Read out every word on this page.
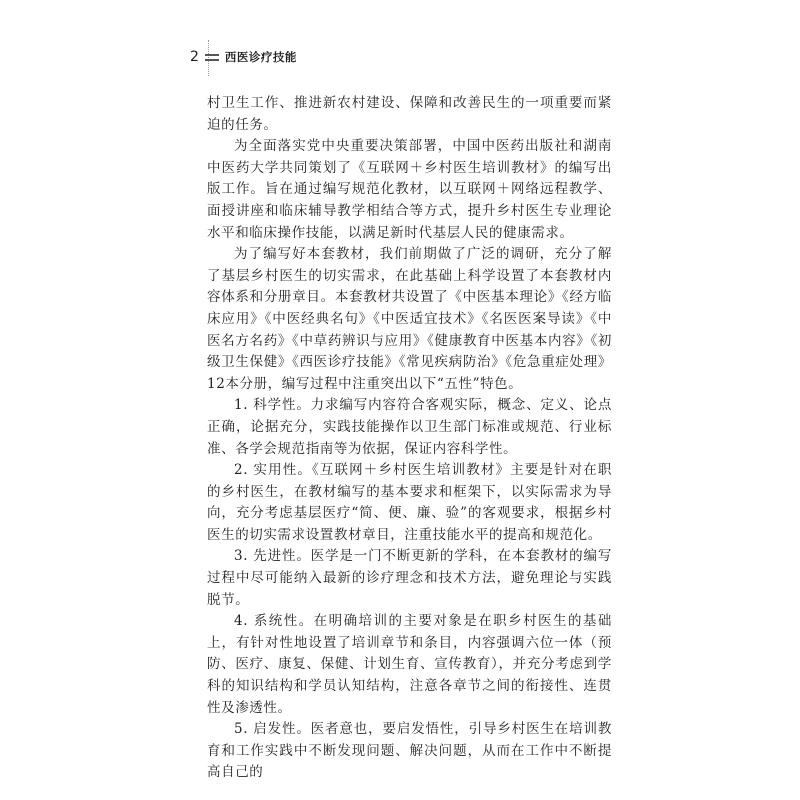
2 西医诊疗技能

村卫生工作、推进新农村建设、保障和改善民生的一项重要而紧迫的任务。

为全面落实党中央重要决策部署，中国中医药出版社和湖南中医药大学共同策划了《互联网＋乡村医生培训教材》的编写出版工作。旨在通过编写规范化教材，以互联网＋网络远程教学、面授讲座和临床辅导教学相结合等方式，提升乡村医生专业理论水平和临床操作技能，以满足新时代基层人民的健康需求。

为了编写好本套教材，我们前期做了广泛的调研，充分了解了基层乡村医生的切实需求，在此基础上科学设置了本套教材内容体系和分册章目。本套教材共设置了《中医基本理论》《经方临床应用》《中医经典名句》《中医适宜技术》《名医医案导读》《中医名方名药》《中草药辨识与应用》《健康教育中医基本内容》《初级卫生保健》《西医诊疗技能》《常见疾病防治》《危急重症处理》12本分册，编写过程中注重突出以下“五性”特色。

1. 科学性。力求编写内容符合客观实际，概念、定义、论点正确，论据充分，实践技能操作以卫生部门标准或规范、行业标准、各学会规范指南等为依据，保证内容科学性。

2. 实用性。《互联网＋乡村医生培训教材》主要是针对在职的乡村医生，在教材编写的基本要求和框架下，以实际需求为导向，充分考虑基层医疗“简、便、廉、验”的客观要求，根据乡村医生的切实需求设置教材章目，注重技能水平的提高和规范化。

3. 先进性。医学是一门不断更新的学科，在本套教材的编写过程中尽可能纳入最新的诊疗理念和技术方法，避免理论与实践脱节。

4. 系统性。在明确培训的主要对象是在职乡村医生的基础上，有针对性地设置了培训章节和条目，内容强调六位一体（预防、医疗、康复、保健、计划生育、宣传教育），并充分考虑到学科的知识结构和学员认知结构，注意各章节之间的衔接性、连贯性及渗透性。

5. 启发性。医者意也，要启发悟性，引导乡村医生在培训教育和工作实践中不断发现问题、解决问题，从而在工作中不断提高自己的
